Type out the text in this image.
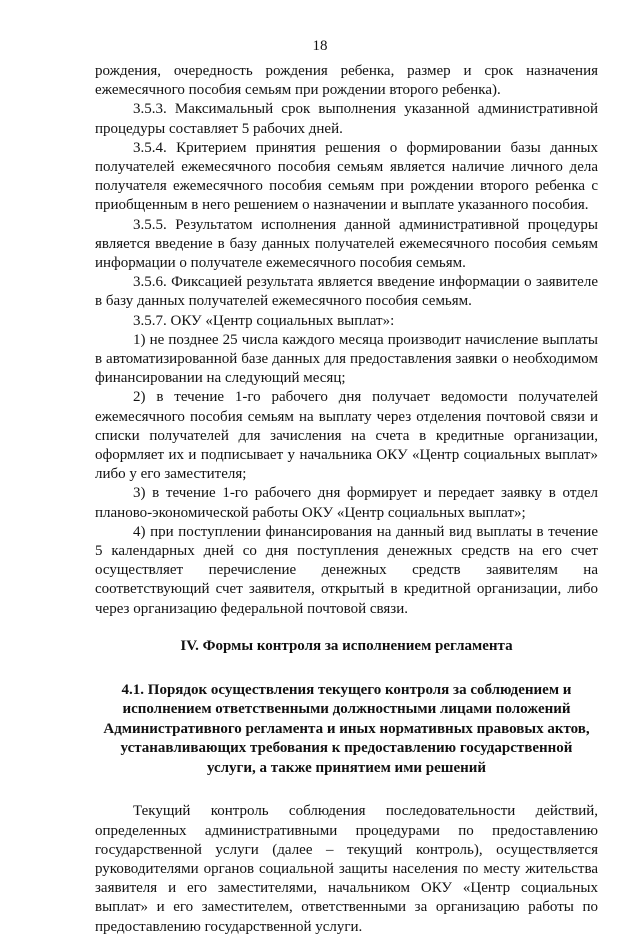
18

рождения, очередность рождения ребенка, размер и срок назначения ежемесячного пособия семьям при рождении второго ребенка).

3.5.3. Максимальный срок выполнения указанной административной процедуры составляет 5 рабочих дней.

3.5.4. Критерием принятия решения о формировании базы данных получателей ежемесячного пособия семьям является наличие личного дела получателя ежемесячного пособия семьям при рождении второго ребенка с приобщенным в него решением о назначении и выплате указанного пособия.

3.5.5. Результатом исполнения данной административной процедуры является введение в базу данных получателей ежемесячного пособия семьям информации о получателе ежемесячного пособия семьям.

3.5.6. Фиксацией результата является введение информации о заявителе в базу данных получателей ежемесячного пособия семьям.

3.5.7. ОКУ «Центр социальных выплат»:

1) не позднее 25 числа каждого месяца производит начисление выплаты в автоматизированной базе данных для предоставления заявки о необходимом финансировании на следующий месяц;

2) в течение 1-го рабочего дня получает ведомости получателей ежемесячного пособия семьям на выплату через отделения почтовой связи и списки получателей для зачисления на счета в кредитные организации, оформляет их и подписывает у начальника ОКУ «Центр социальных выплат» либо у его заместителя;

3) в течение 1-го рабочего дня формирует и передает заявку в отдел планово-экономической работы ОКУ «Центр социальных выплат»;

4) при поступлении финансирования на данный вид выплаты в течение 5 календарных дней со дня поступления денежных средств на его счет осуществляет перечисление денежных средств заявителям на соответствующий счет заявителя, открытый в кредитной организации, либо через организацию федеральной почтовой связи.

IV. Формы контроля за исполнением регламента
4.1. Порядок осуществления текущего контроля за соблюдением и исполнением ответственными должностными лицами положений Административного регламента и иных нормативных правовых актов, устанавливающих требования к предоставлению государственной услуги, а также принятием ими решений

Текущий контроль соблюдения последовательности действий, определенных административными процедурами по предоставлению государственной услуги (далее – текущий контроль), осуществляется руководителями органов социальной защиты населения по месту жительства заявителя и его заместителями, начальником ОКУ «Центр социальных выплат» и его заместителем, ответственными за организацию работы по предоставлению государственной услуги.
